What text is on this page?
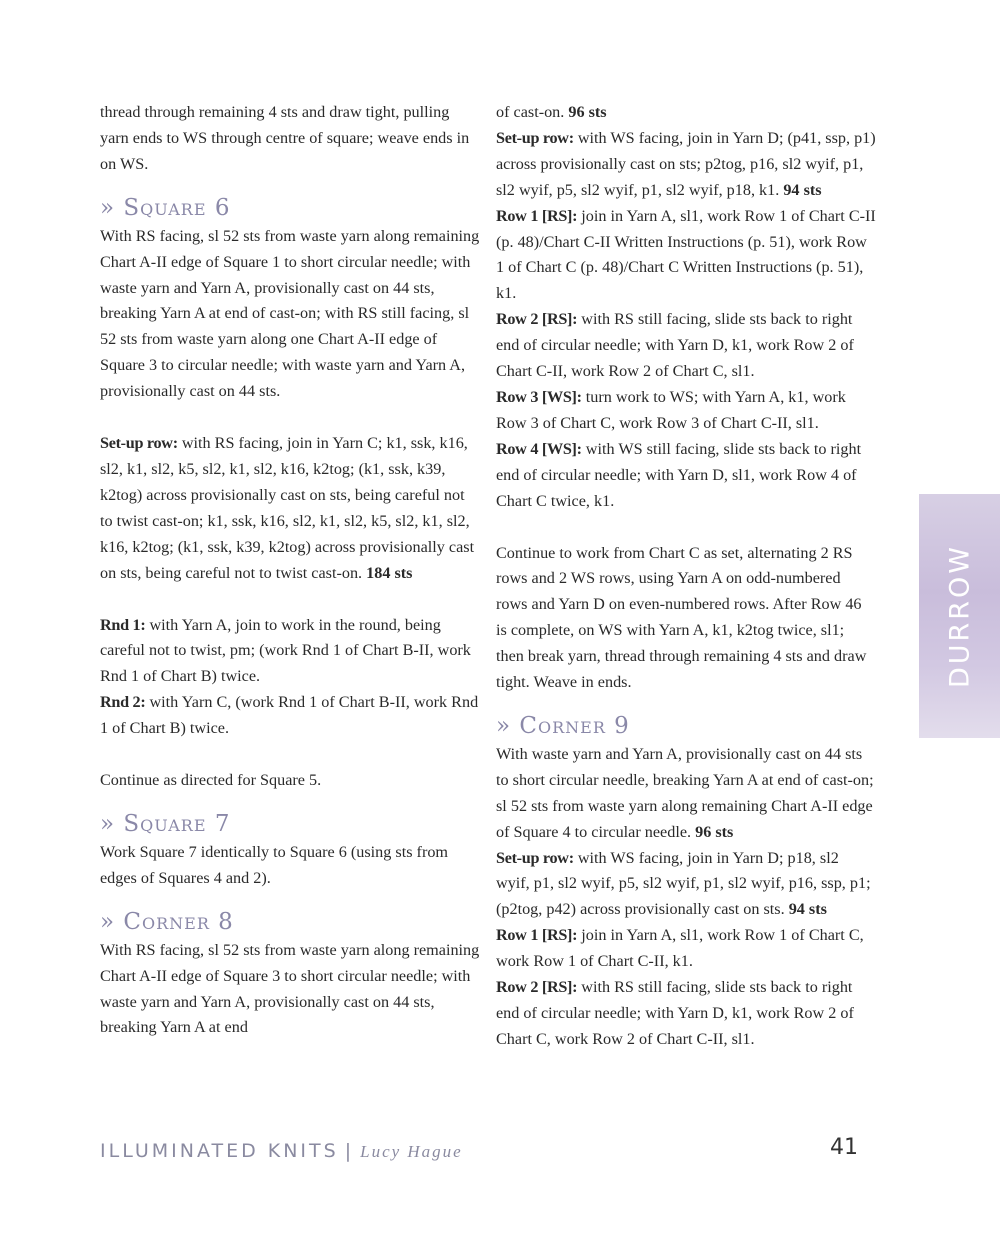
thread through remaining 4 sts and draw tight, pulling yarn ends to WS through centre of square; weave ends in on WS.

» Square 6

With RS facing, sl 52 sts from waste yarn along remaining Chart A-II edge of Square 1 to short circular needle; with waste yarn and Yarn A, provisionally cast on 44 sts, breaking Yarn A at end of cast-on; with RS still facing, sl 52 sts from waste yarn along one Chart A-II edge of Square 3 to circular needle; with waste yarn and Yarn A, provisionally cast on 44 sts.

Set-up row: with RS facing, join in Yarn C; k1, ssk, k16, sl2, k1, sl2, k5, sl2, k1, sl2, k16, k2tog; (k1, ssk, k39, k2tog) across provisionally cast on sts, being careful not to twist cast-on; k1, ssk, k16, sl2, k1, sl2, k5, sl2, k1, sl2, k16, k2tog; (k1, ssk, k39, k2tog) across provisionally cast on sts, being careful not to twist cast-on. 184 sts

Rnd 1: with Yarn A, join to work in the round, being careful not to twist, pm; (work Rnd 1 of Chart B-II, work Rnd 1 of Chart B) twice.

Rnd 2: with Yarn C, (work Rnd 1 of Chart B-II, work Rnd 1 of Chart B) twice.

Continue as directed for Square 5.

» Square 7

Work Square 7 identically to Square 6 (using sts from edges of Squares 4 and 2).

» Corner 8

With RS facing, sl 52 sts from waste yarn along remaining Chart A-II edge of Square 3 to short circular needle; with waste yarn and Yarn A, provisionally cast on 44 sts, breaking Yarn A at end

of cast-on. 96 sts

Set-up row: with WS facing, join in Yarn D; (p41, ssp, p1) across provisionally cast on sts; p2tog, p16, sl2 wyif, p1, sl2 wyif, p5, sl2 wyif, p1, sl2 wyif, p18, k1. 94 sts

Row 1 [RS]: join in Yarn A, sl1, work Row 1 of Chart C-II (p. 48)/Chart C-II Written Instructions (p. 51), work Row 1 of Chart C (p. 48)/Chart C Written Instructions (p. 51), k1.

Row 2 [RS]: with RS still facing, slide sts back to right end of circular needle; with Yarn D, k1, work Row 2 of Chart C-II, work Row 2 of Chart C, sl1.

Row 3 [WS]: turn work to WS; with Yarn A, k1, work Row 3 of Chart C, work Row 3 of Chart C-II, sl1.

Row 4 [WS]: with WS still facing, slide sts back to right end of circular needle; with Yarn D, sl1, work Row 4 of Chart C twice, k1.

Continue to work from Chart C as set, alternating 2 RS rows and 2 WS rows, using Yarn A on odd-numbered rows and Yarn D on even-numbered rows. After Row 46 is complete, on WS with Yarn A, k1, k2tog twice, sl1; then break yarn, thread through remaining 4 sts and draw tight. Weave in ends.

» Corner 9

With waste yarn and Yarn A, provisionally cast on 44 sts to short circular needle, breaking Yarn A at end of cast-on; sl 52 sts from waste yarn along remaining Chart A-II edge of Square 4 to circular needle. 96 sts

Set-up row: with WS facing, join in Yarn D; p18, sl2 wyif, p1, sl2 wyif, p5, sl2 wyif, p1, sl2 wyif, p16, ssp, p1; (p2tog, p42) across provisionally cast on sts. 94 sts

Row 1 [RS]: join in Yarn A, sl1, work Row 1 of Chart C, work Row 1 of Chart C-II, k1.

Row 2 [RS]: with RS still facing, slide sts back to right end of circular needle; with Yarn D, k1, work Row 2 of Chart C, work Row 2 of Chart C-II, sl1.

DURROW
ILLUMINATED KNITS | Lucy Hague	41
